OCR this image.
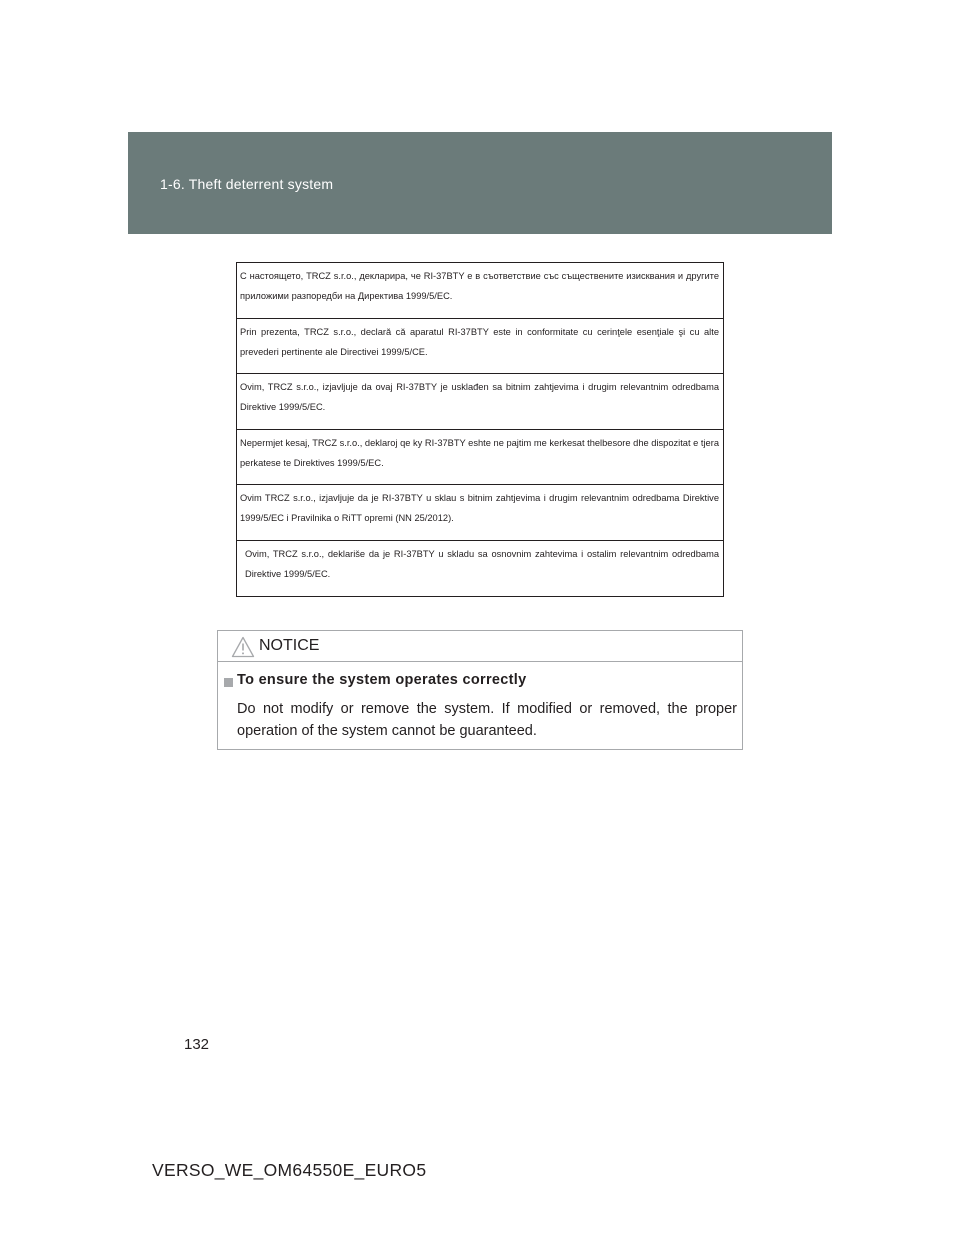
1-6. Theft deterrent system
С настоящето, TRCZ s.r.o., декларира, че RI-37BTY е в съответствие със съществените изисквания и другите приложими разпоредби на Директива 1999/5/ЕС.
Prin prezenta, TRCZ s.r.o., declară că aparatul RI-37BTY este in conformitate cu cerinţele esenţiale şi cu alte prevederi pertinente ale Directivei 1999/5/CE.
Ovim, TRCZ s.r.o., izjavljuje da ovaj RI-37BTY je usklađen sa bitnim zahtjevima i drugim relevantnim odredbama Direktive 1999/5/EC.
Nepermjet kesaj, TRCZ s.r.o., deklaroj qe ky RI-37BTY eshte ne pajtim me kerkesat thelbesore dhe dispozitat e tjera perkatese te Direktives 1999/5/EC.
Ovim TRCZ s.r.o., izjavljuje da je RI-37BTY u sklau s bitnim zahtjevima i drugim relevantnim odredbama Direktive 1999/5/EC i Pravilnika o RiTT opremi (NN 25/2012).
Ovim, TRCZ s.r.o., deklariše da je RI-37BTY u skladu sa osnovnim zahtevima i ostalim relevantnim odredbama Direktive 1999/5/EC.
NOTICE
To ensure the system operates correctly
Do not modify or remove the system. If modified or removed, the proper operation of the system cannot be guaranteed.
132
VERSO_WE_OM64550E_EURO5
